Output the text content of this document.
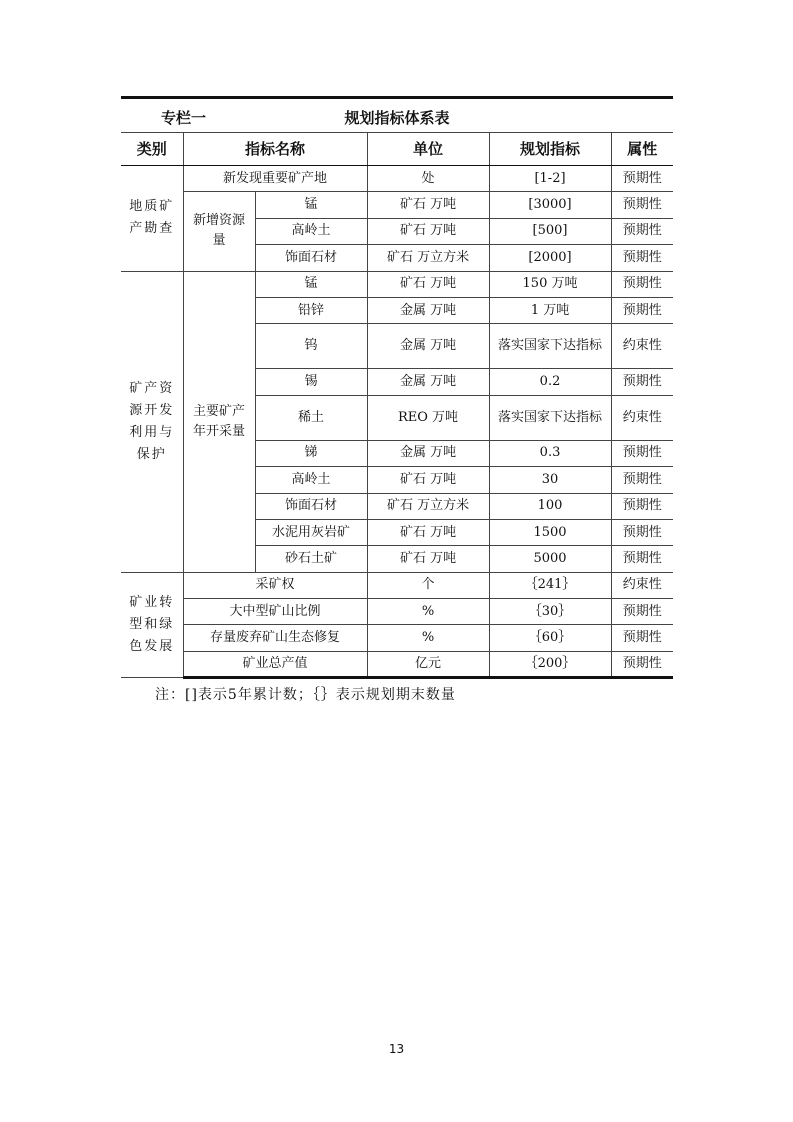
专栏一	规划指标体系表
类别	指标名称		单位	规划指标	属性
地质矿产勘查	新发现重要矿产地		处	[1-2]	预期性
	新增资源量	锰	矿石 万吨	[3000]	预期性
		高岭土	矿石 万吨	[500]	预期性
		饰面石材	矿石 万立方米	[2000]	预期性
矿产资源开发利用与保护	主要矿产年开采量	锰	矿石 万吨	150 万吨	预期性
		铅锌	金属 万吨	1 万吨	预期性
		钨	金属 万吨	落实国家下达指标	约束性
		锡	金属 万吨	0.2	预期性
		稀土	REO 万吨	落实国家下达指标	约束性
		锑	金属 万吨	0.3	预期性
		高岭土	矿石 万吨	30	预期性
		饰面石材	矿石 万立方米	100	预期性
		水泥用灰岩矿	矿石 万吨	1500	预期性
		砂石土矿	矿石 万吨	5000	预期性
矿业转型和绿色发展	采矿权		个	｛241｝	约束性
	大中型矿山比例		%	｛30｝	预期性
	存量废弃矿山生态修复		%	｛60｝	预期性
	矿业总产值		亿元	｛200｝	预期性
注：[]表示5年累计数；｛｝表示规划期末数量
13
